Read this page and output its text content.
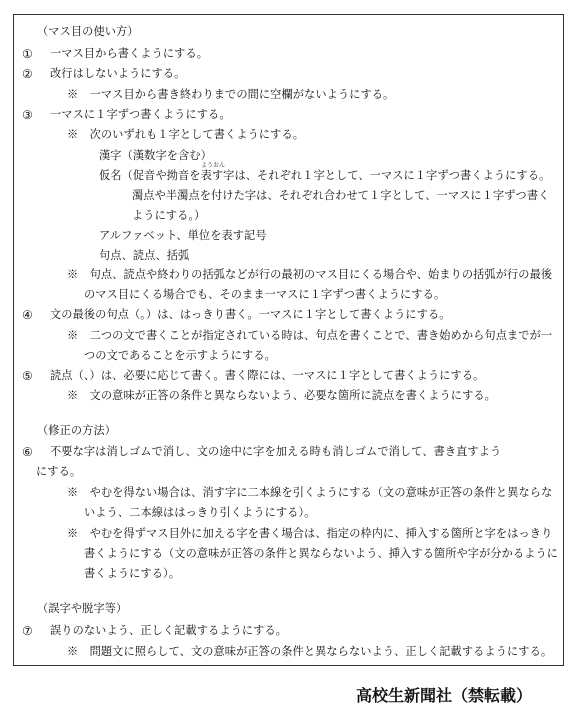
（マス目の使い方）
① 一マス目から書くようにする。
② 改行はしないようにする。
※　一マス目から書き終わりまでの間に空欄がないようにする。
③ 一マスに１字ずつ書くようにする。
※　次のいずれも１字として書くようにする。
漢字（漢数字を含む）
ようおん
仮名（促音や拗音を表す字は、それぞれ１字として、一マスに１字ずつ書くようにする。
濁点や半濁点を付けた字は、それぞれ合わせて１字として、一マスに１字ずつ書く
ようにする。）
アルファベット、単位を表す記号
句点、読点、括弧
※　句点、読点や終わりの括弧などが行の最初のマス目にくる場合や、始まりの括弧が行の最後
のマス目にくる場合でも、そのまま一マスに１字ずつ書くようにする。
④ 文の最後の句点（。）は、はっきり書く。一マスに１字として書くようにする。
※　二つの文で書くことが指定されている時は、句点を書くことで、書き始めから句点までが一
つの文であることを示すようにする。
⑤ 読点（、）は、必要に応じて書く。書く際には、一マスに１字として書くようにする。
※　文の意味が正答の条件と異ならないよう、必要な箇所に読点を書くようにする。
（修正の方法）
⑥ 不要な字は消しゴムで消し、文の途中に字を加える時も消しゴムで消して、書き直すよう
にする。
※　やむを得ない場合は、消す字に二本線を引くようにする（文の意味が正答の条件と異ならな
いよう、二本線ははっきり引くようにする）。
※　やむを得ずマス目外に加える字を書く場合は、指定の枠内に、挿入する箇所と字をはっきり
書くようにする（文の意味が正答の条件と異ならないよう、挿入する箇所や字が分かるように
書くようにする）。
（誤字や脱字等）
⑦ 誤りのないよう、正しく記載するようにする。
※　問題文に照らして、文の意味が正答の条件と異ならないよう、正しく記載するようにする。
高校生新聞社（禁転載）
